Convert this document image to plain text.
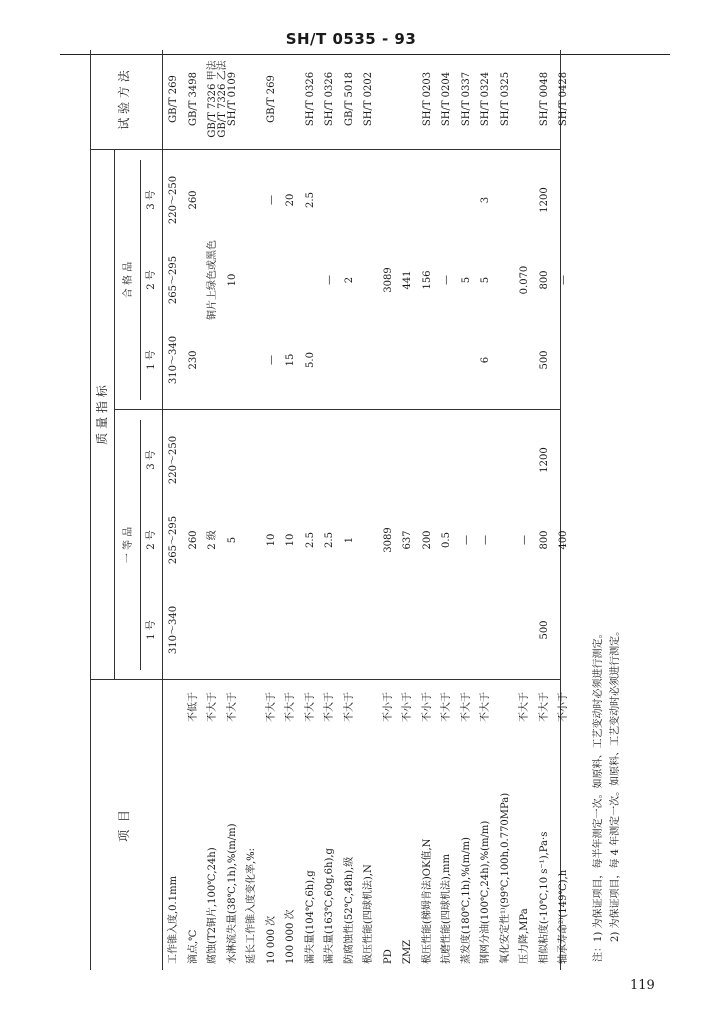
SH/T 0535 - 93
项 目
质 量 指 标
试 验 方 法
一 等 品
合 格 品
1 号
2 号
3 号
1 号
2 号
3 号
工作锥入度,0.1mm
310～340
265～295
220～250
310～340
265～295
220～250
GB/T 269
滴点,℃
不低于
260
230
260
GB/T 3498
腐蚀(T2铜片,100℃,24h)
不大于
2 级
铜片上绿色或黑色
GB/T 7326 甲法 GB/T 7326 乙法
水淋流失量(38℃,1h),%(m/m)
不大于
5
10
SH/T 0109
延长工作锥入度变化率,%: 10 000 次
不大于
10
—
—
GB/T 269
100 000 次
不大于
10
15
20
漏失量(104℃,6h),g
不大于
2.5
5.0
2.5
SH/T 0326
漏失量(163℃,60g,6h),g
不大于
2.5
—
SH/T 0326
防腐蚀性(52℃,48h),级
不大于
1
2
GB/T 5018
极压性能(四球机法),N
SH/T 0202
PD
不小于
3089
3089
ZMZ
不小于
637
441
极压性能(梯姆肯法)OK值,N
不小于
200
156
SH/T 0203
抗磨性能(四球机法),mm
不大于
0.5
—
SH/T 0204
蒸发度(180℃,1h),%(m/m)
不大于
—
5
SH/T 0337
钢网分油(100℃,24h),%(m/m)
不大于
—
6
5
3
SH/T 0324
氧化安定性¹⁾(99℃,100h,0.770MPa)
SH/T 0325
压力降,MPa
不大于
—
0.070
相似粘度(-10℃,10 s⁻¹),Pa·s
不大于
500
800
1200
500
800
1200
SH/T 0048
轴承寿命²⁾(149℃),h
不小于
400
—
SH/T 0428
注：1) 为保证项目，每半年测定一次。如原料、工艺变动时必须进行测定。 2) 为保证项目，每 4 年测定一次。如原料、工艺变动时必须进行测定。
119
